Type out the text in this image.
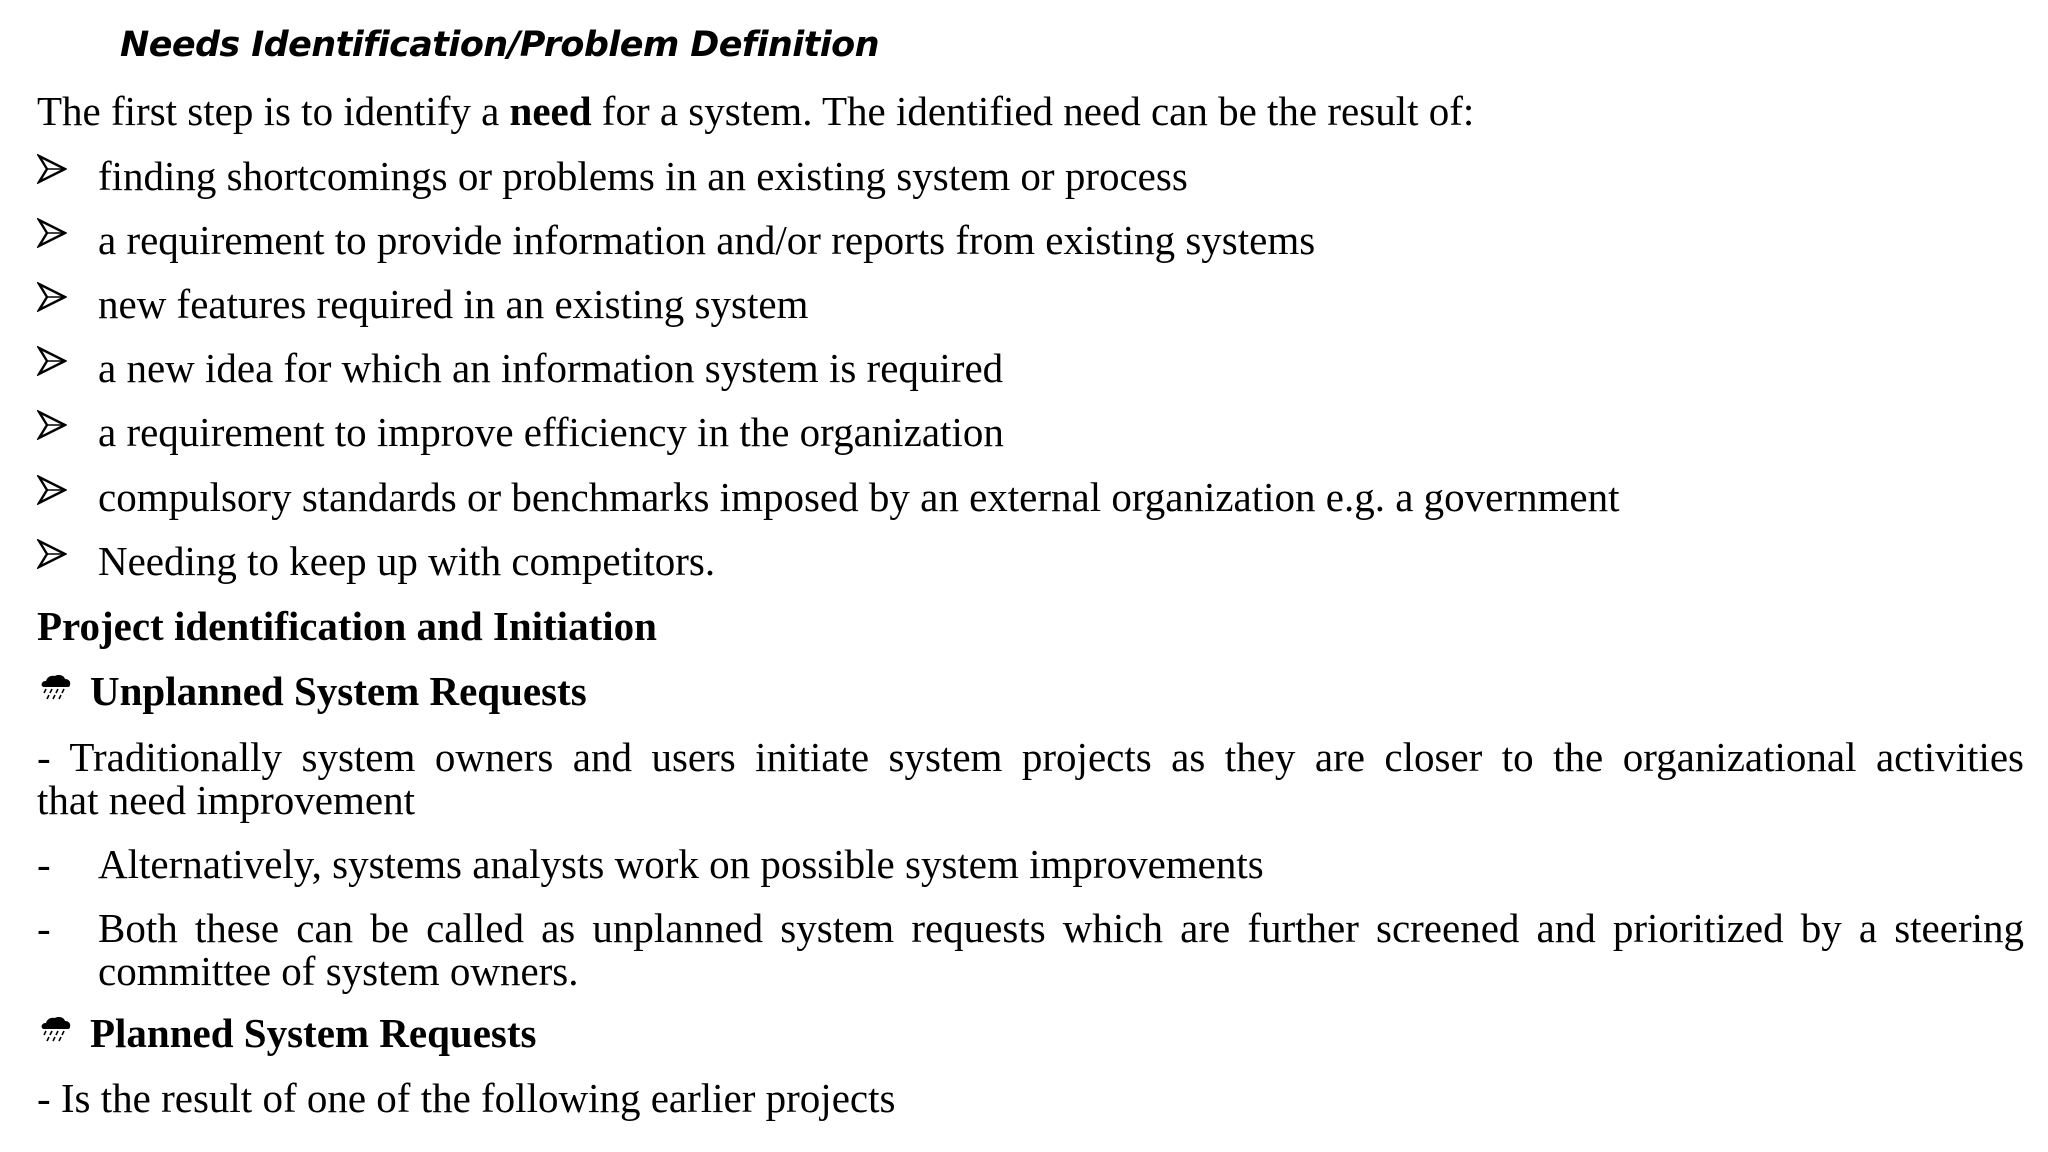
Needs Identification/Problem Definition
The first step is to identify a need for a system. The identified need can be the result of:
finding shortcomings or problems in an existing system or process
a requirement to provide information and/or reports from existing systems
new features required in an existing system
a new idea for which an information system is required
a requirement to improve efficiency in the organization
compulsory standards or benchmarks imposed by an external organization e.g. a government
Needing to keep up with competitors.
Project identification and Initiation
Unplanned System Requests
- Traditionally system owners and users initiate system projects as they are closer to the organizational activities
that need improvement
- Alternatively, systems analysts work on possible system improvements
- Both these can be called as unplanned system requests which are further screened and prioritized by a steering
committee of system owners.
Planned System Requests
- Is the result of one of the following earlier projects
